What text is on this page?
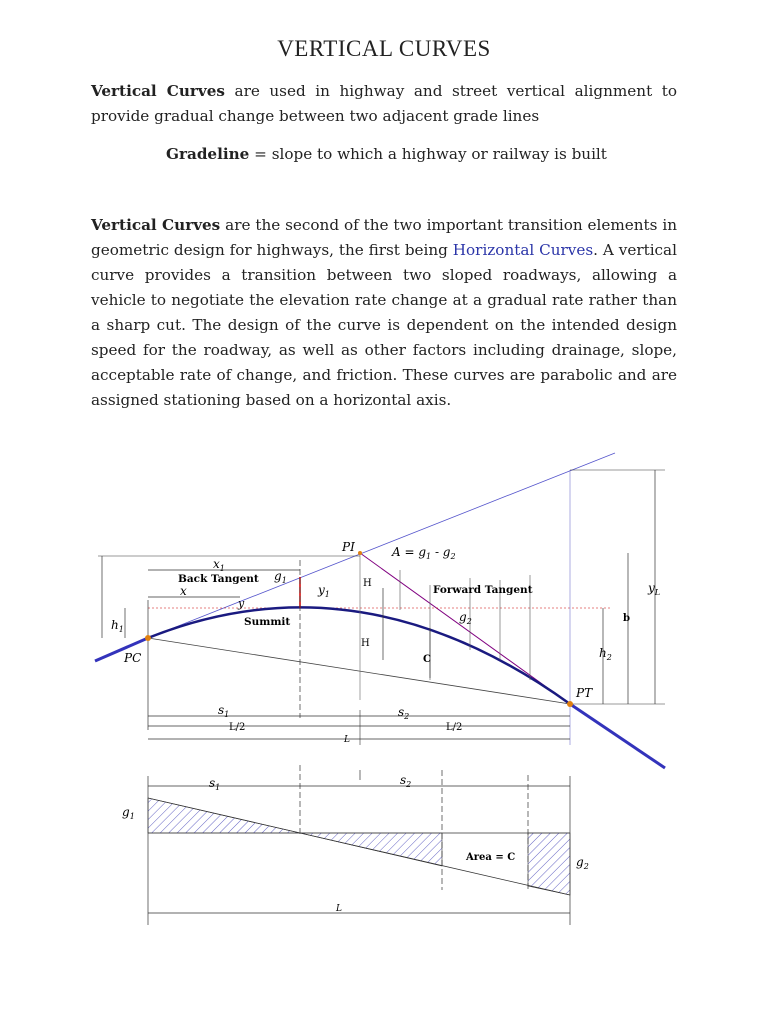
VERTICAL CURVES
Vertical Curves are used in highway and street vertical alignment to provide gradual change between two adjacent grade lines
Gradeline = slope to which a highway or railway is built
Vertical Curves are the second of the two important transition elements in geometric design for highways, the first being Horizontal Curves. A vertical curve provides a transition between two sloped roadways, allowing a vehicle to negotiate the elevation rate change at a gradual rate rather than a sharp cut. The design of the curve is dependent on the intended design speed for the roadway, as well as other factors including drainage, slope, acceptable rate of change, and friction. These curves are parabolic and are assigned stationing based on a horizontal axis.
PI	$A = g_1 - g_2$
$x_1$
Back Tangent
x
$g_1$
$y_1$
y
H
H
Forward Tangent
$g_2$
$y_L$
b
$h_1$
Summit
PC	C	$h_2$
PT
$s_1$	$s_2$
L/2	L/2
L
$s_1$
$s_2$
$g_1$
Area = C	$g_2$
L
